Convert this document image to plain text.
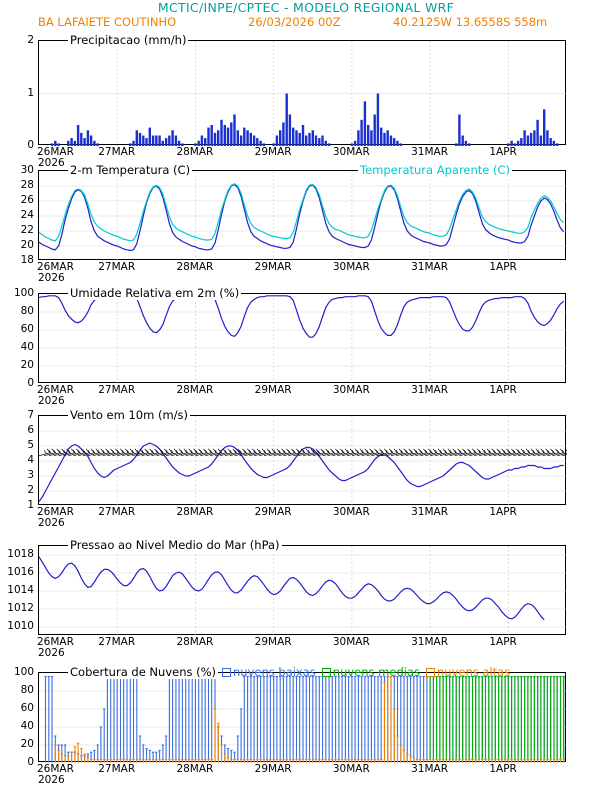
MCTIC/INPE/CPTEC - MODELO REGIONAL WRF
BA LAFAIETE COUTINHO	26/03/2026 00Z	40.2125W 13.6558S 558m
Precipitacao (mm/h)
0
1
2
26MAR 27MAR	28MAR	29MAR	30MAR	31MAR	1APR
2026 2-m Temperatura (C)	Temperatura Aparente (C)
18
20
22
24
26
28
30
26MAR 27MAR	28MAR	29MAR	30MAR	31MAR	1APR
2026
Umidade Relativa em 2m (%)
0
20
40
60
80
100
26MAR 27MAR	28MAR	29MAR	30MAR	31MAR	1APR
2026
Vento em 10m (m/s)
1
2
3
4
5
6
7
26MAR 27MAR	28MAR	29MAR	30MAR	31MAR	1APR
2026
Pressao ao Nivel Medio do Mar (hPa)
1010
1012
1014
1016
1018
26MAR 27MAR	28MAR	29MAR	30MAR	31MAR	1APR
2026
Cobertura de Nuvens (%)	nuvens baixas nuvens medias nuvens altas
0
20
40
60
80
100
26MAR 27MAR	28MAR	29MAR	30MAR	31MAR	1APR
2026
